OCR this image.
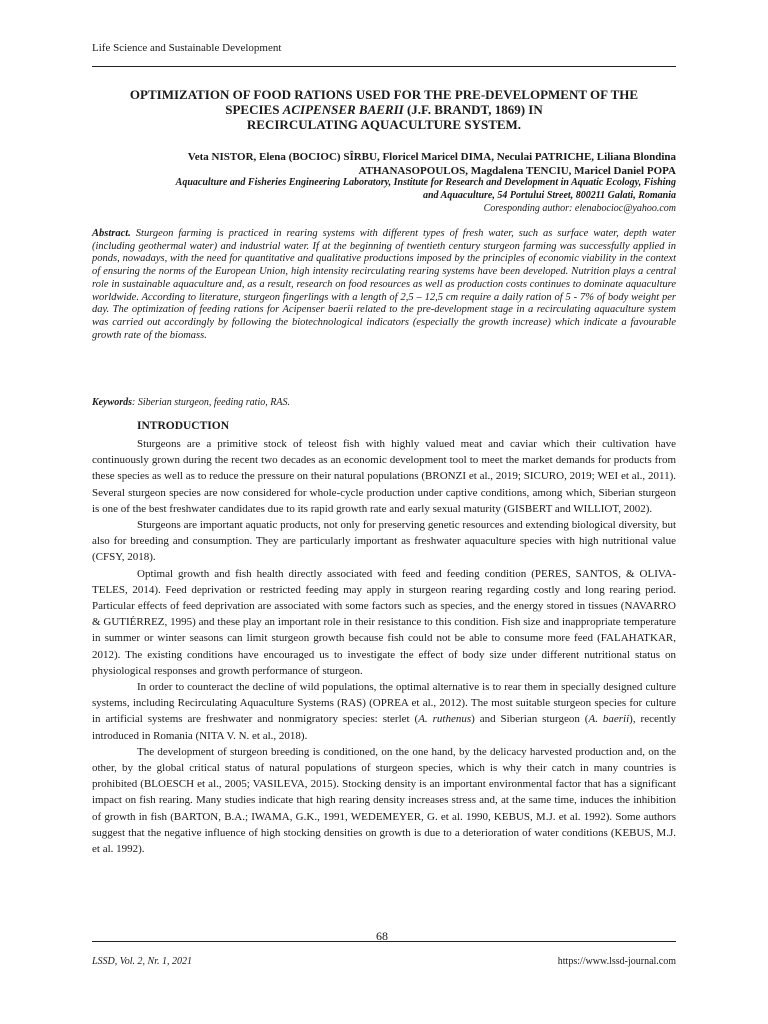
Life Science and Sustainable Development
OPTIMIZATION OF FOOD RATIONS USED FOR THE PRE-DEVELOPMENT OF THE
SPECIES ACIPENSER BAERII (J.F. BRANDT, 1869) IN
RECIRCULATING AQUACULTURE SYSTEM.
Veta NISTOR, Elena (BOCIOC) SÎRBU, Floricel Maricel DIMA, Neculai PATRICHE, Liliana Blondina
ATHANASOPOULOS, Magdalena TENCIU, Maricel Daniel POPA
Aquaculture and Fisheries Engineering Laboratory, Institute for Research and Development in Aquatic Ecology, Fishing
and Aquaculture, 54 Portului Street, 800211 Galati, Romania
Coresponding author: elenabocioc@yahoo.com
Abstract. Sturgeon farming is practiced in rearing systems with different types of fresh water, such as surface water, depth water (including geothermal water) and industrial water. If at the beginning of twentieth century sturgeon farming was successfully applied in ponds, nowadays, with the need for quantitative and qualitative productions imposed by the principles of economic viability in the context of ensuring the norms of the European Union, high intensity recirculating rearing systems have been developed. Nutrition plays a central role in sustainable aquaculture and, as a result, research on food resources as well as production costs continues to dominate aquaculture worldwide. According to literature, sturgeon fingerlings with a length of 2,5 – 12,5 cm require a daily ration of 5 - 7% of body weight per day. The optimization of feeding rations for Acipenser baerii related to the pre-development stage in a recirculating aquaculture system was carried out accordingly by following the biotechnological indicators (especially the growth increase) which indicate a favourable growth rate of the biomass.
Keywords: Siberian sturgeon, feeding ratio, RAS.
INTRODUCTION

Sturgeons are a primitive stock of teleost fish with highly valued meat and caviar which their cultivation have continuously grown during the recent two decades as an economic development tool to meet the market demands for products from these species as well as to reduce the pressure on their natural populations (BRONZI et al., 2019; SICURO, 2019; WEI et al., 2011). Several sturgeon species are now considered for whole-cycle production under captive conditions, among which, Siberian sturgeon is one of the best freshwater candidates due to its rapid growth rate and early sexual maturity (GISBERT and WILLIOT, 2002).

Sturgeons are important aquatic products, not only for preserving genetic resources and extending biological diversity, but also for breeding and consumption. They are particularly important as freshwater aquaculture species with high nutritional value (CFSY, 2018).

Optimal growth and fish health directly associated with feed and feeding condition (PERES, SANTOS, & OLIVA-TELES, 2014). Feed deprivation or restricted feeding may apply in sturgeon rearing regarding costly and long rearing period. Particular effects of feed deprivation are associated with some factors such as species, and the energy stored in tissues (NAVARRO & GUTIÉRREZ, 1995) and these play an important role in their resistance to this condition. Fish size and inappropriate temperature in summer or winter seasons can limit sturgeon growth because fish could not be able to consume more feed (FALAHATKAR, 2012). The existing conditions have encouraged us to investigate the effect of body size under different nutritional status on physiological responses and growth performance of sturgeon.

In order to counteract the decline of wild populations, the optimal alternative is to rear them in specially designed culture systems, including Recirculating Aquaculture Systems (RAS) (OPREA et al., 2012). The most suitable sturgeon species for culture in artificial systems are freshwater and nonmigratory species: sterlet (A. ruthenus) and Siberian sturgeon (A. baerii), recently introduced in Romania (NITA V. N. et al., 2018).

The development of sturgeon breeding is conditioned, on the one hand, by the delicacy harvested production and, on the other, by the global critical status of natural populations of sturgeon species, which is why their catch in many countries is prohibited (BLOESCH et al., 2005; VASILEVA, 2015). Stocking density is an important environmental factor that has a significant impact on fish rearing. Many studies indicate that high rearing density increases stress and, at the same time, induces the inhibition of growth in fish (BARTON, B.A.; IWAMA, G.K., 1991, WEDEMEYER, G. et al. 1990, KEBUS, M.J. et al. 1992). Some authors suggest that the negative influence of high stocking densities on growth is due to a deterioration of water conditions (KEBUS, M.J. et al. 1992).

68
LSSD, Vol. 2, Nr. 1, 2021	https://www.lssd-journal.com
